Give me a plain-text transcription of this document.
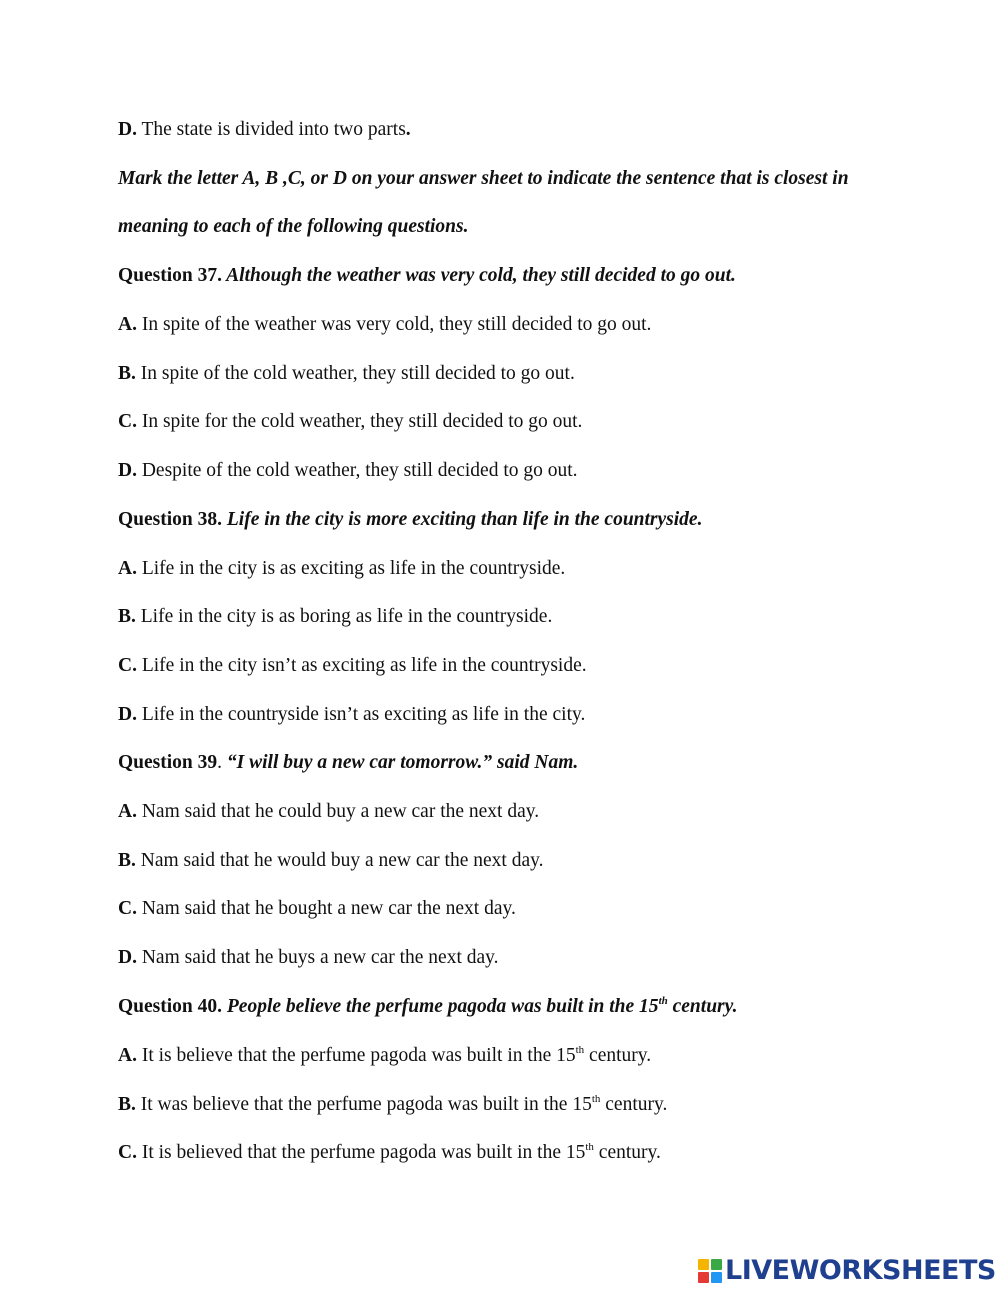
D. The state is divided into two parts.
Mark the letter A, B ,C, or D on your answer sheet to indicate the sentence that is closest in
meaning to each of the following questions.
Question 37. Although the weather was very cold, they still decided to go out.
A. In spite of the weather was very cold, they still decided to go out.
B. In spite of the cold weather, they still decided to go out.
C. In spite for the cold weather, they still decided to go out.
D. Despite of the cold weather, they still decided to go out.
Question 38. Life in the city is more exciting than life in the countryside.
A. Life in the city is as exciting as life in the countryside.
B. Life in the city is as boring as life in the countryside.
C. Life in the city isn’t as exciting as life in the countryside.
D. Life in the countryside isn’t as exciting as life in the city.
Question 39. “I will buy a new car tomorrow.” said Nam.
A. Nam said that he could buy a new car the next day.
B. Nam said that he would buy a new car the next day.
C. Nam said that he bought a new car the next day.
D. Nam said that he buys a new car the next day.
Question 40. People believe the perfume pagoda was built in the 15th century.
A. It is believe that the perfume pagoda was built in the 15th century.
B. It was believe that the perfume pagoda was built in the 15th century.
C. It is believed that the perfume pagoda was built in the 15th century.
LIVEWORKSHEETS
